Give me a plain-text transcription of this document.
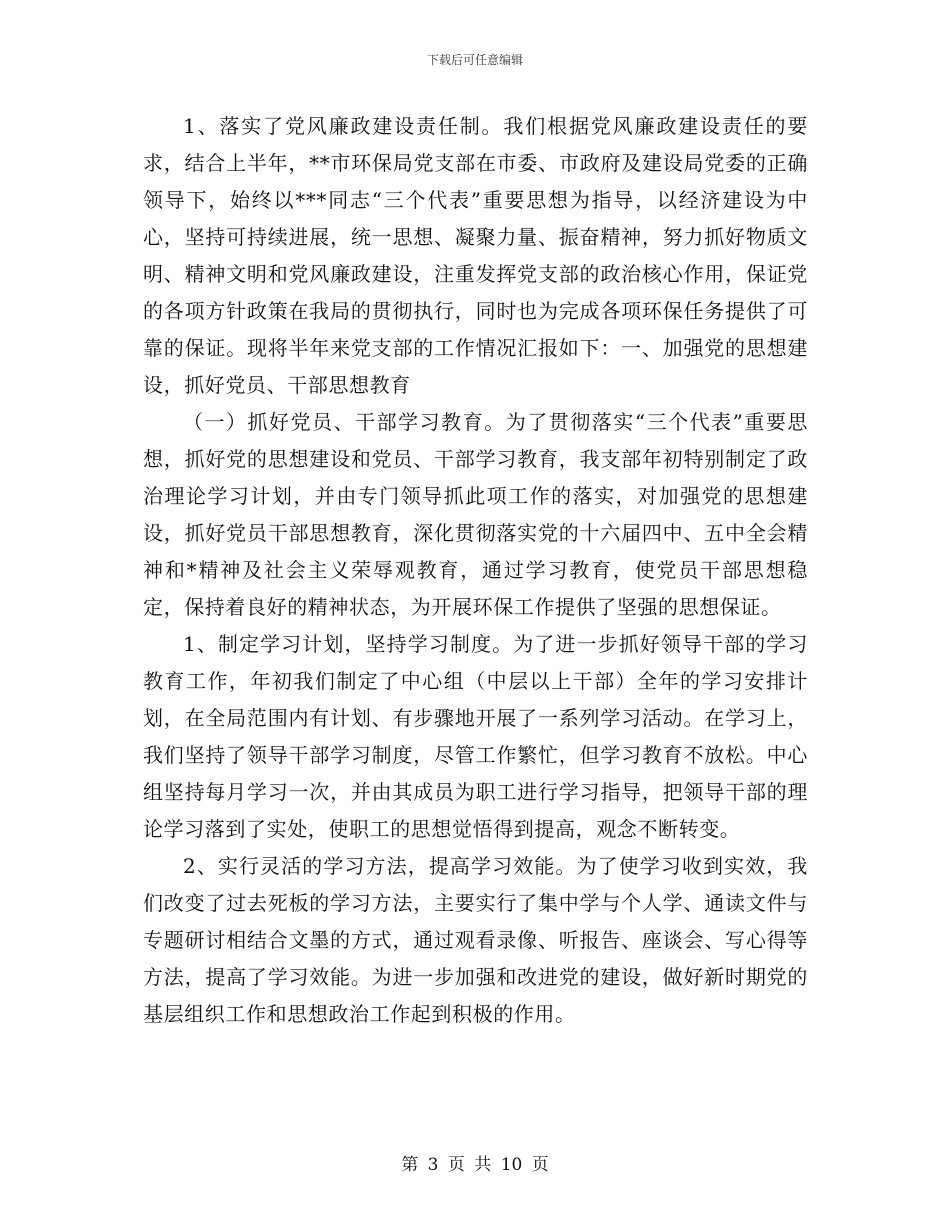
下载后可任意编辑

1、落实了党风廉政建设责任制。我们根据党风廉政建设责任的要求，结合上半年，**市环保局党支部在市委、市政府及建设局党委的正确领导下，始终以***同志“三个代表”重要思想为指导，以经济建设为中心，坚持可持续进展，统一思想、凝聚力量、振奋精神，努力抓好物质文明、精神文明和党风廉政建设，注重发挥党支部的政治核心作用，保证党的各项方针政策在我局的贯彻执行，同时也为完成各项环保任务提供了可靠的保证。现将半年来党支部的工作情况汇报如下：一、加强党的思想建设，抓好党员、干部思想教育

（一）抓好党员、干部学习教育。为了贯彻落实“三个代表”重要思想，抓好党的思想建设和党员、干部学习教育，我支部年初特别制定了政治理论学习计划，并由专门领导抓此项工作的落实，对加强党的思想建设，抓好党员干部思想教育，深化贯彻落实党的十六届四中、五中全会精神和*精神及社会主义荣辱观教育，通过学习教育，使党员干部思想稳定，保持着良好的精神状态，为开展环保工作提供了坚强的思想保证。

1、制定学习计划，坚持学习制度。为了进一步抓好领导干部的学习教育工作，年初我们制定了中心组（中层以上干部）全年的学习安排计划，在全局范围内有计划、有步骤地开展了一系列学习活动。在学习上，我们坚持了领导干部学习制度，尽管工作繁忙，但学习教育不放松。中心组坚持每月学习一次，并由其成员为职工进行学习指导，把领导干部的理论学习落到了实处，使职工的思想觉悟得到提高，观念不断转变。

2、实行灵活的学习方法，提高学习效能。为了使学习收到实效，我们改变了过去死板的学习方法，主要实行了集中学与个人学、通读文件与专题研讨相结合文墨的方式，通过观看录像、听报告、座谈会、写心得等方法，提高了学习效能。为进一步加强和改进党的建设，做好新时期党的基层组织工作和思想政治工作起到积极的作用。

第 3 页 共 10 页
